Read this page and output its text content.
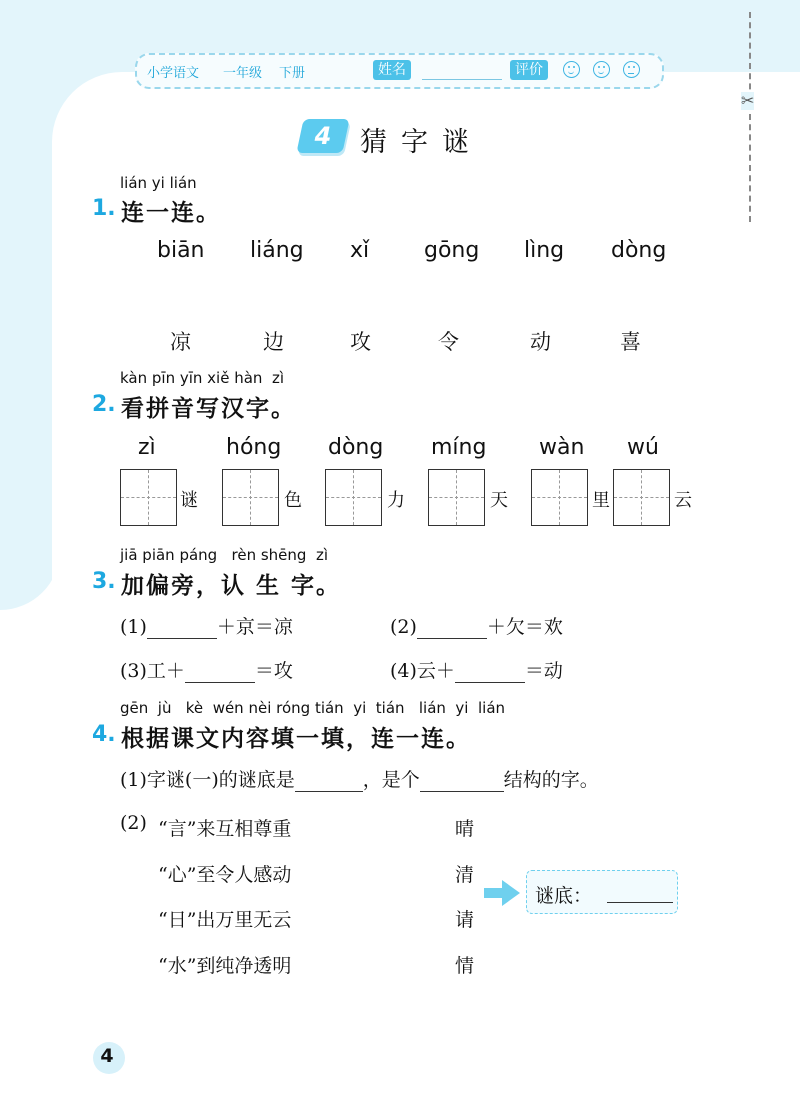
✂
小学语文 一年级 下册	姓名	评价
4	猜字谜
lián yi lián
1. 连一连。
biān liáng xǐ gōng lìng dòng
凉	边	攻	令	动	喜
kàn pīn yīn xiě hàn  zì
2. 看拼音写汉字。
zì	hóng dòng míng wàn wú
谜	色	力	天	里	云
jiā piān páng   rèn shēng  zì
3. 加偏旁，认 生 字。
(1)	＋京＝凉	(2)	＋欠＝欢
(3)工＋	＝攻	(4)云＋	＝动
gēn  jù   kè  wén nèi róng tián  yi  tián   lián  yi  lián
4. 根据课文内容填一填，连一连。
(1)字谜(一)的谜底是	，是个	结构的字。
(2) “言”来互相尊重
“心”至令人感动
“日”出万里无云
“水”到纯净透明
晴
清
请
情
谜底：
4
